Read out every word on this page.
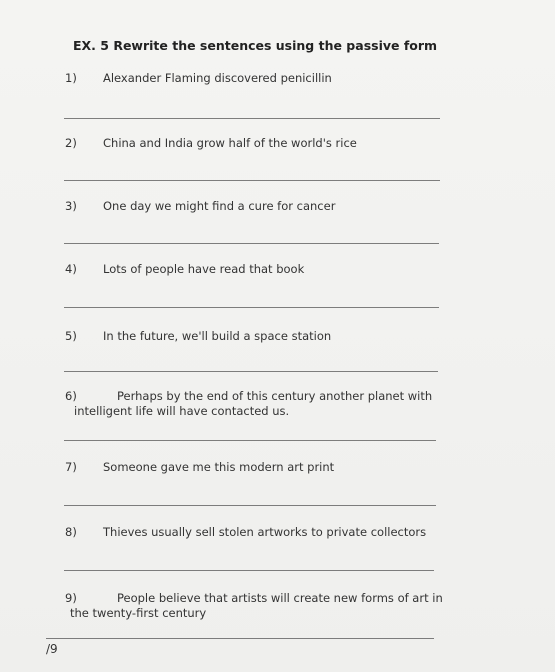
EX. 5 Rewrite the sentences using the passive form
1) Alexander Flaming discovered penicillin
2) China and India grow half of the world's rice
3) One day we might find a cure for cancer
4) Lots of people have read that book
5) In the future, we'll build a space station
6)	Perhaps by the end of this century another planet with
intelligent life will have contacted us.
7) Someone gave me this modern art print
8) Thieves usually sell stolen artworks to private collectors
9)	People believe that artists will create new forms of art in
the twenty-first century
/9
